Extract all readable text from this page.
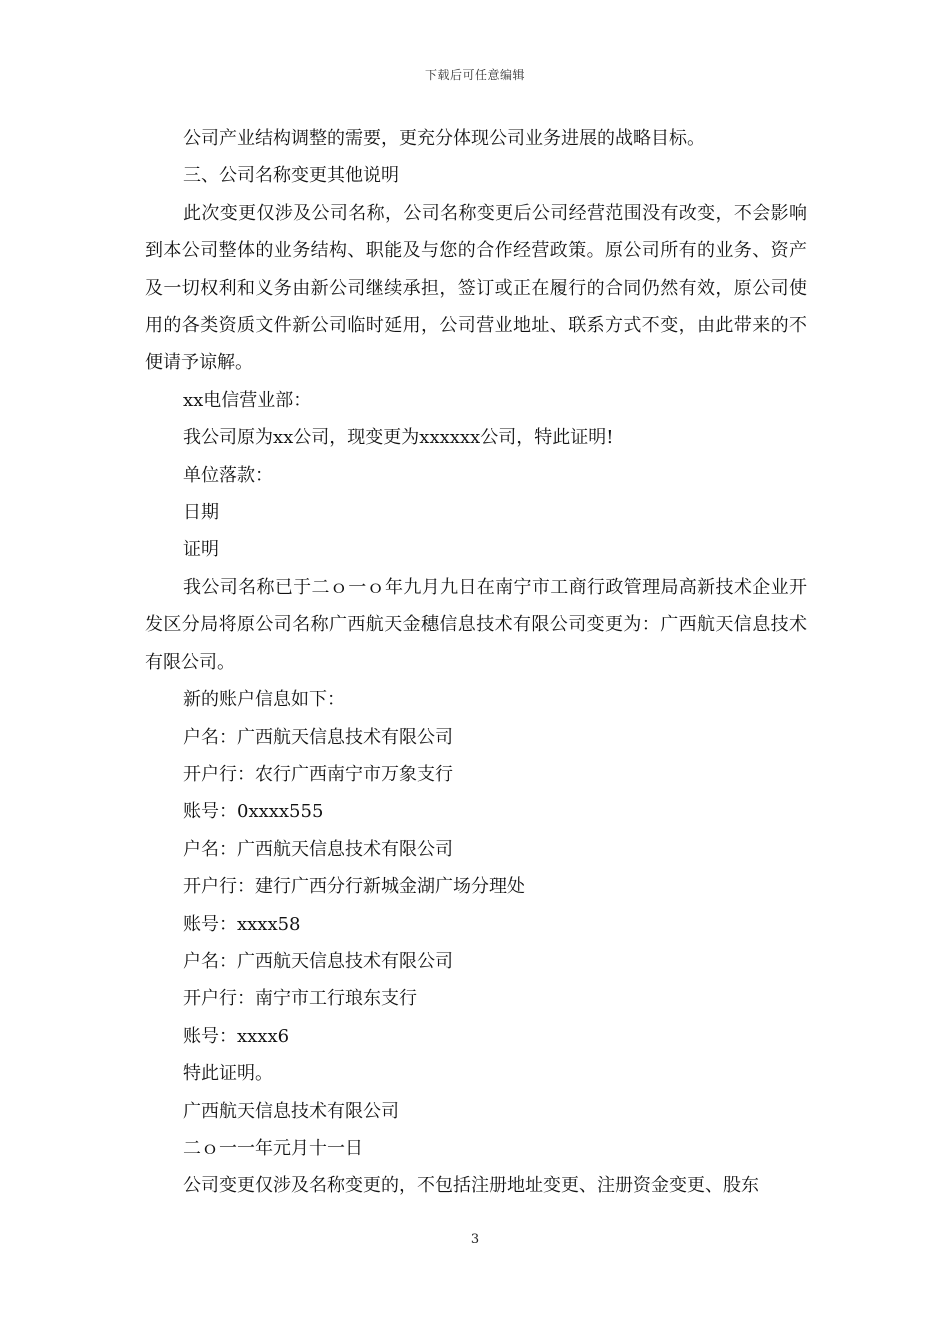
下载后可任意编辑

公司产业结构调整的需要，更充分体现公司业务进展的战略目标。

三、公司名称变更其他说明

此次变更仅涉及公司名称，公司名称变更后公司经营范围没有改变，不会影响到本公司整体的业务结构、职能及与您的合作经营政策。原公司所有的业务、资产及一切权利和义务由新公司继续承担，签订或正在履行的合同仍然有效，原公司使用的各类资质文件新公司临时延用，公司营业地址、联系方式不变，由此带来的不便请予谅解。

xx电信营业部：

我公司原为xx公司，现变更为xxxxxx公司，特此证明!

单位落款：

日期

证明

我公司名称已于二ｏ一ｏ年九月九日在南宁市工商行政管理局高新技术企业开发区分局将原公司名称广西航天金穗信息技术有限公司变更为：广西航天信息技术有限公司。

新的账户信息如下：

户名：广西航天信息技术有限公司

开户行：农行广西南宁市万象支行

账号：0xxxx555

户名：广西航天信息技术有限公司

开户行：建行广西分行新城金湖广场分理处

账号：xxxx58

户名：广西航天信息技术有限公司

开户行：南宁市工行琅东支行

账号：xxxx6

特此证明。

广西航天信息技术有限公司

二ｏ一一年元月十一日

公司变更仅涉及名称变更的，不包括注册地址变更、注册资金变更、股东

3
